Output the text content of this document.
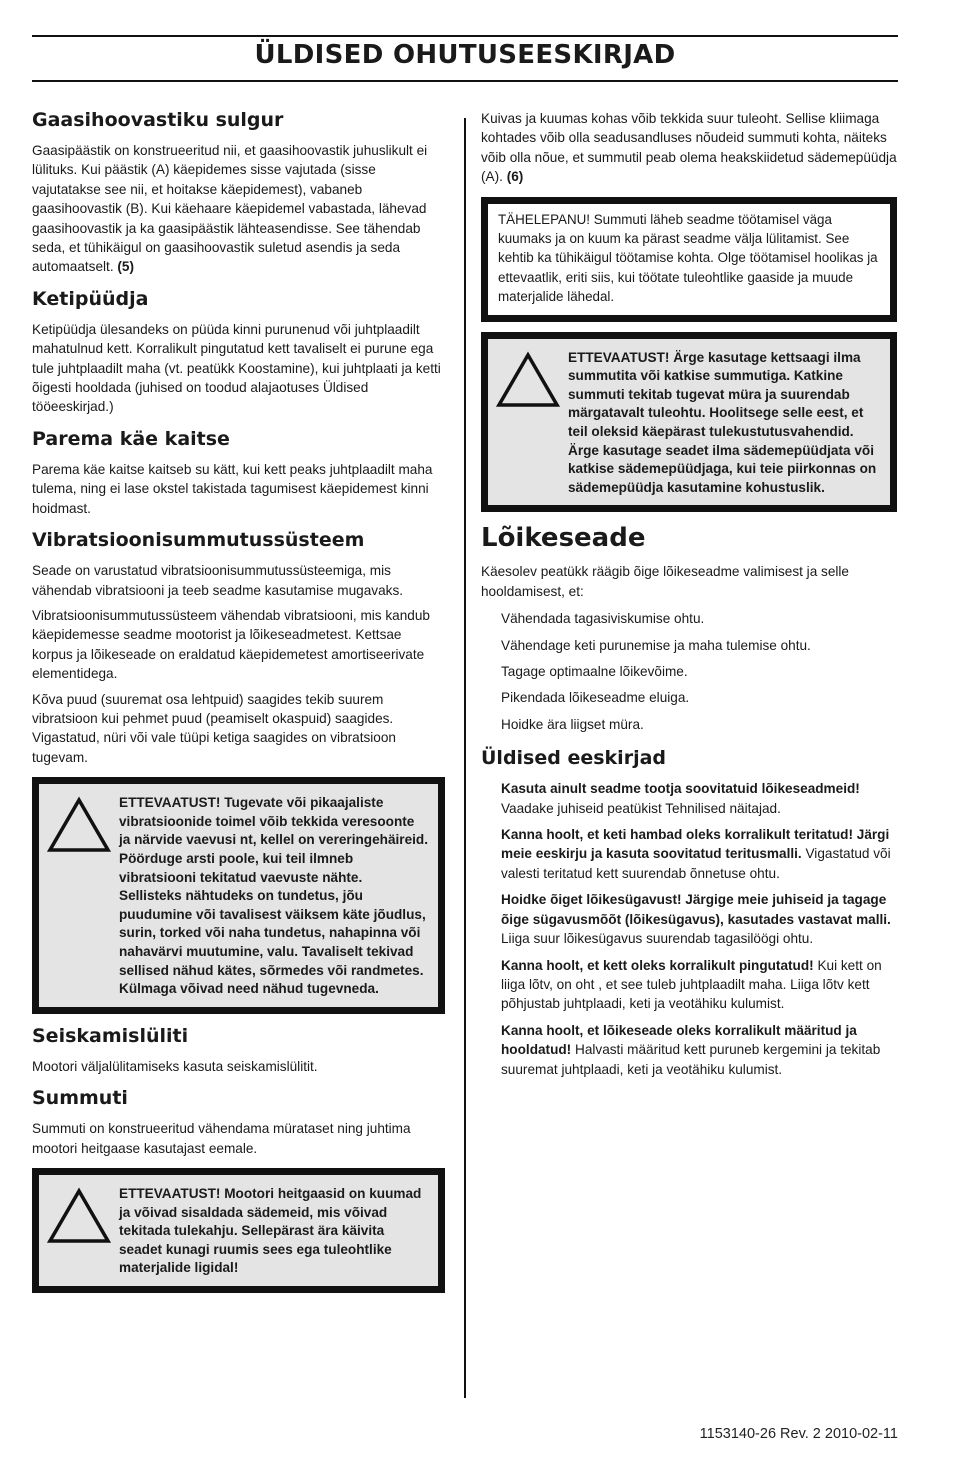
ÜLDISED OHUTUSEESKIRJAD
Gaasihoovastiku sulgur

Gaasipäästik on konstrueeritud nii, et gaasihoovastik juhuslikult ei lülituks. Kui päästik (A) käepidemes sisse vajutada (sisse vajutatakse see nii, et hoitakse käepidemest), vabaneb gaasihoovastik (B). Kui käehaare käepidemel vabastada, lähevad gaasihoovastik ja ka gaasipäästik lähteasendisse. See tähendab seda, et tühikäigul on gaasihoovastik suletud asendis ja seda automaatselt. (5)

Ketipüüdja

Ketipüüdja ülesandeks on püüda kinni purunenud või juhtplaadilt mahatulnud kett. Korralikult pingutatud kett tavaliselt ei purune ega tule juhtplaadilt maha (vt. peatükk Koostamine), kui juhtplaati ja ketti õigesti hooldada (juhised on toodud alajaotuses Üldised tööeeskirjad.)

Parema käe kaitse

Parema käe kaitse kaitseb su kätt, kui kett peaks juhtplaadilt maha tulema, ning ei lase okstel takistada tagumisest käepidemest kinni hoidmast.

Vibratsioonisummutussüsteem

Seade on varustatud vibratsioonisummutussüsteemiga, mis vähendab vibratsiooni ja teeb seadme kasutamise mugavaks.

Vibratsioonisummutussüsteem vähendab vibratsiooni, mis kandub käepidemesse seadme mootorist ja lõikeseadmetest. Kettsae korpus ja lõikeseade on eraldatud käepidemetest amortiseerivate elementidega.

Kõva puud (suuremat osa lehtpuid) saagides tekib suurem vibratsioon kui pehmet puud (peamiselt okaspuid) saagides. Vigastatud, nüri või vale tüüpi ketiga saagides on vibratsioon tugevam.

ETTEVAATUST! Tugevate või pikaajaliste vibratsioonide toimel võib tekkida veresoonte ja närvide vaevusi nt, kellel on vereringehäireid. Pöörduge arsti poole, kui teil ilmneb vibratsiooni tekitatud vaevuste nähte. Sellisteks nähtudeks on tundetus, jõu puudumine või tavalisest väiksem käte jõudlus, surin, torked või naha tundetus, nahapinna või nahavärvi muutumine, valu. Tavaliselt tekivad sellised nähud kätes, sõrmedes või randmetes. Külmaga võivad need nähud tugevneda.
Seiskamislüliti

Mootori väljalülitamiseks kasuta seiskamislülitit.

Summuti

Summuti on konstrueeritud vähendama mürataset ning juhtima mootori heitgaase kasutajast eemale.

ETTEVAATUST! Mootori heitgaasid on kuumad ja võivad sisaldada sädemeid, mis võivad tekitada tulekahju. Sellepärast ära käivita seadet kunagi ruumis sees ega tuleohtlike materjalide ligidal!

Kuivas ja kuumas kohas võib tekkida suur tuleoht. Sellise kliimaga kohtades võib olla seadusandluses nõudeid summuti kohta, näiteks võib olla nõue, et summutil peab olema heakskiidetud sädemepüüdja (A). (6)

TÄHELEPANU! Summuti läheb seadme töötamisel väga kuumaks ja on kuum ka pärast seadme välja lülitamist. See kehtib ka tühikäigul töötamise kohta. Olge töötamisel hoolikas ja ettevaatlik, eriti siis, kui töötate tuleohtlike gaaside ja muude materjalide lähedal.

ETTEVAATUST! Ärge kasutage kettsaagi ilma summutita või katkise summutiga. Katkine summuti tekitab tugevat müra ja suurendab märgatavalt tuleohtu. Hoolitsege selle eest, et teil oleksid käepärast tulekustutusvahendid. Ärge kasutage seadet ilma sädemepüüdjata või katkise sädemepüüdjaga, kui teie piirkonnas on sädemepüüdja kasutamine kohustuslik.
Lõikeseade

Käesolev peatükk räägib õige lõikeseadme valimisest ja selle hooldamisest, et:

Vähendada tagasiviskumise ohtu.

Vähendage keti purunemise ja maha tulemise ohtu.

Tagage optimaalne lõikevõime.

Pikendada lõikeseadme eluiga.

Hoidke ära liigset müra.

Üldised eeskirjad

Kasuta ainult seadme tootja soovitatuid lõikeseadmeid! Vaadake juhiseid peatükist Tehnilised näitajad.

Kanna hoolt, et keti hambad oleks korralikult teritatud! Järgi meie eeskirju ja kasuta soovitatud teritusmalli. Vigastatud või valesti teritatud kett suurendab õnnetuse ohtu.

Hoidke õiget lõikesügavust! Järgige meie juhiseid ja tagage õige sügavusmõõt (lõikesügavus), kasutades vastavat malli. Liiga suur lõikesügavus suurendab tagasilöögi ohtu.

Kanna hoolt, et kett oleks korralikult pingutatud! Kui kett on liiga lõtv, on oht , et see tuleb juhtplaadilt maha. Liiga lõtv kett põhjustab juhtplaadi, keti ja veotähiku kulumist.

Kanna hoolt, et lõikeseade oleks korralikult määritud ja hooldatud! Halvasti määritud kett puruneb kergemini ja tekitab suuremat juhtplaadi, keti ja veotähiku kulumist.

1153140-26 Rev. 2 2010-02-11
